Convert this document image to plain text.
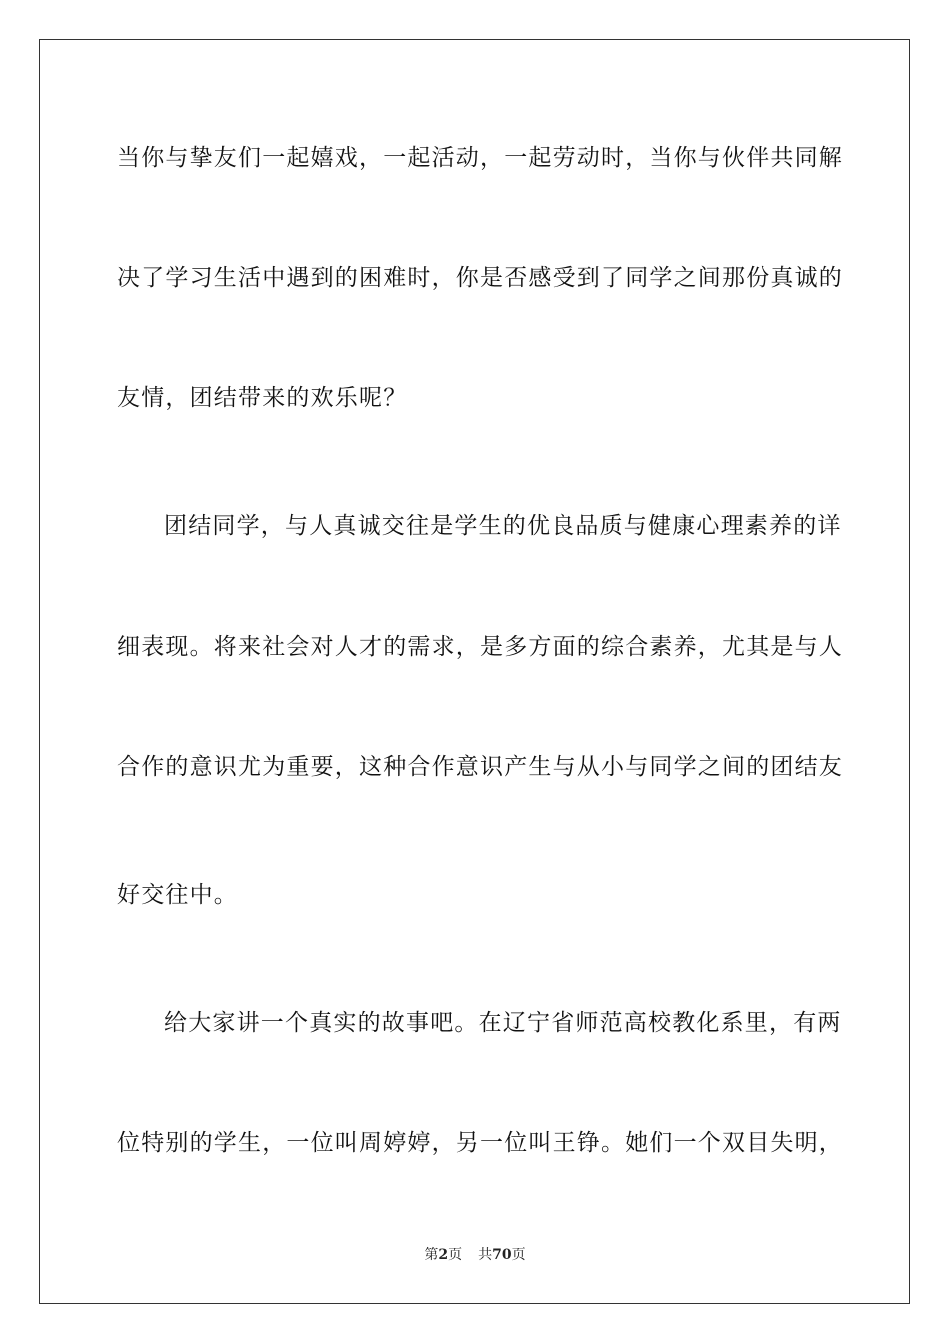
当你与挚友们一起嬉戏，一起活动，一起劳动时，当你与伙伴共同解
决了学习生活中遇到的困难时，你是否感受到了同学之间那份真诚的
友情，团结带来的欢乐呢？
团结同学，与人真诚交往是学生的优良品质与健康心理素养的详
细表现。将来社会对人才的需求，是多方面的综合素养，尤其是与人
合作的意识尤为重要，这种合作意识产生与从小与同学之间的团结友
好交往中。
给大家讲一个真实的故事吧。在辽宁省师范高校教化系里，有两
位特别的学生，一位叫周婷婷，另一位叫王铮。她们一个双目失明，
第2页 共70页
